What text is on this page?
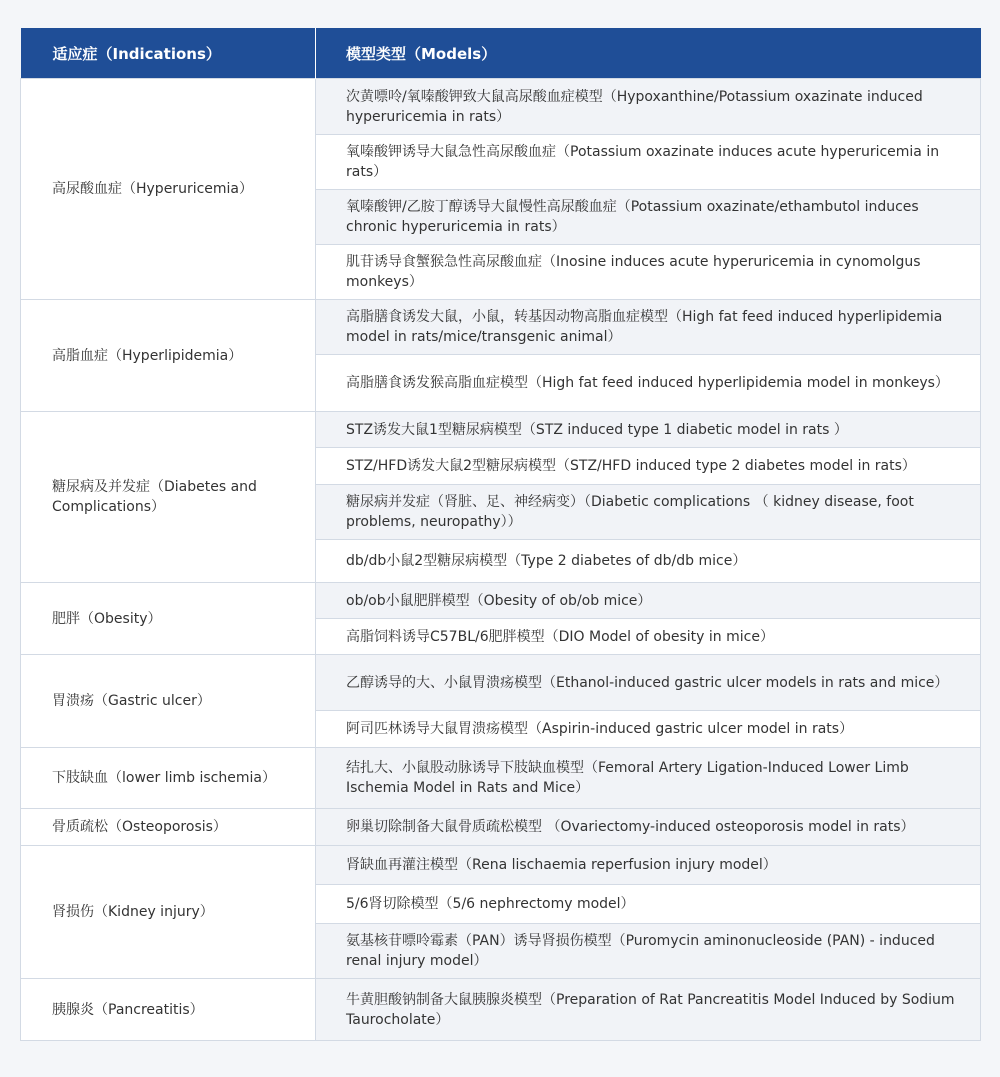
适应症（Indications）	模型类型（Models）
高尿酸血症（Hyperuricemia）	次黄嘌呤/氧嗪酸钾致大鼠高尿酸血症模型（Hypoxanthine/Potassium oxazinate induced hyperuricemia in rats）
	氧嗪酸钾诱导大鼠急性高尿酸血症（Potassium oxazinate induces acute hyperuricemia in rats）
	氧嗪酸钾/乙胺丁醇诱导大鼠慢性高尿酸血症（Potassium oxazinate/ethambutol induces chronic hyperuricemia in rats）
	肌苷诱导食蟹猴急性高尿酸血症（Inosine induces acute hyperuricemia in cynomolgus monkeys）
高脂血症（Hyperlipidemia）	高脂膳食诱发大鼠，小鼠，转基因动物高脂血症模型（High fat feed induced hyperlipidemia model in rats/mice/transgenic animal）
	高脂膳食诱发猴高脂血症模型（High fat feed induced hyperlipidemia model in monkeys）
糖尿病及并发症（Diabetes and Complications）	STZ诱发大鼠1型糖尿病模型（STZ induced type 1 diabetic model in rats ）
	STZ/HFD诱发大鼠2型糖尿病模型（STZ/HFD induced type 2 diabetes model in rats）
	糖尿病并发症（肾脏、足、神经病变）（Diabetic complications （ kidney disease, foot problems, neuropathy））
	db/db小鼠2型糖尿病模型（Type 2 diabetes of db/db mice）
肥胖（Obesity）	ob/ob小鼠肥胖模型（Obesity of ob/ob mice）
	高脂饲料诱导C57BL/6肥胖模型（DIO Model of obesity in mice）
胃溃疡（Gastric ulcer）	乙醇诱导的大、小鼠胃溃疡模型（Ethanol-induced gastric ulcer models in rats and mice）
	阿司匹林诱导大鼠胃溃疡模型（Aspirin-induced gastric ulcer model in rats）
下肢缺血（lower limb ischemia）	结扎大、小鼠股动脉诱导下肢缺血模型（Femoral Artery Ligation-Induced Lower Limb Ischemia Model in Rats and Mice）
骨质疏松（Osteoporosis）	卵巢切除制备大鼠骨质疏松模型 （Ovariectomy-induced osteoporosis model in rats）
肾损伤（Kidney injury）	肾缺血再灌注模型（Rena lischaemia reperfusion injury model）
	5/6肾切除模型（5/6 nephrectomy model）
	氨基核苷嘌呤霉素（PAN）诱导肾损伤模型（Puromycin aminonucleoside (PAN) - induced renal injury model）
胰腺炎（Pancreatitis）	牛黄胆酸钠制备大鼠胰腺炎模型（Preparation of Rat Pancreatitis Model Induced by Sodium Taurocholate）
